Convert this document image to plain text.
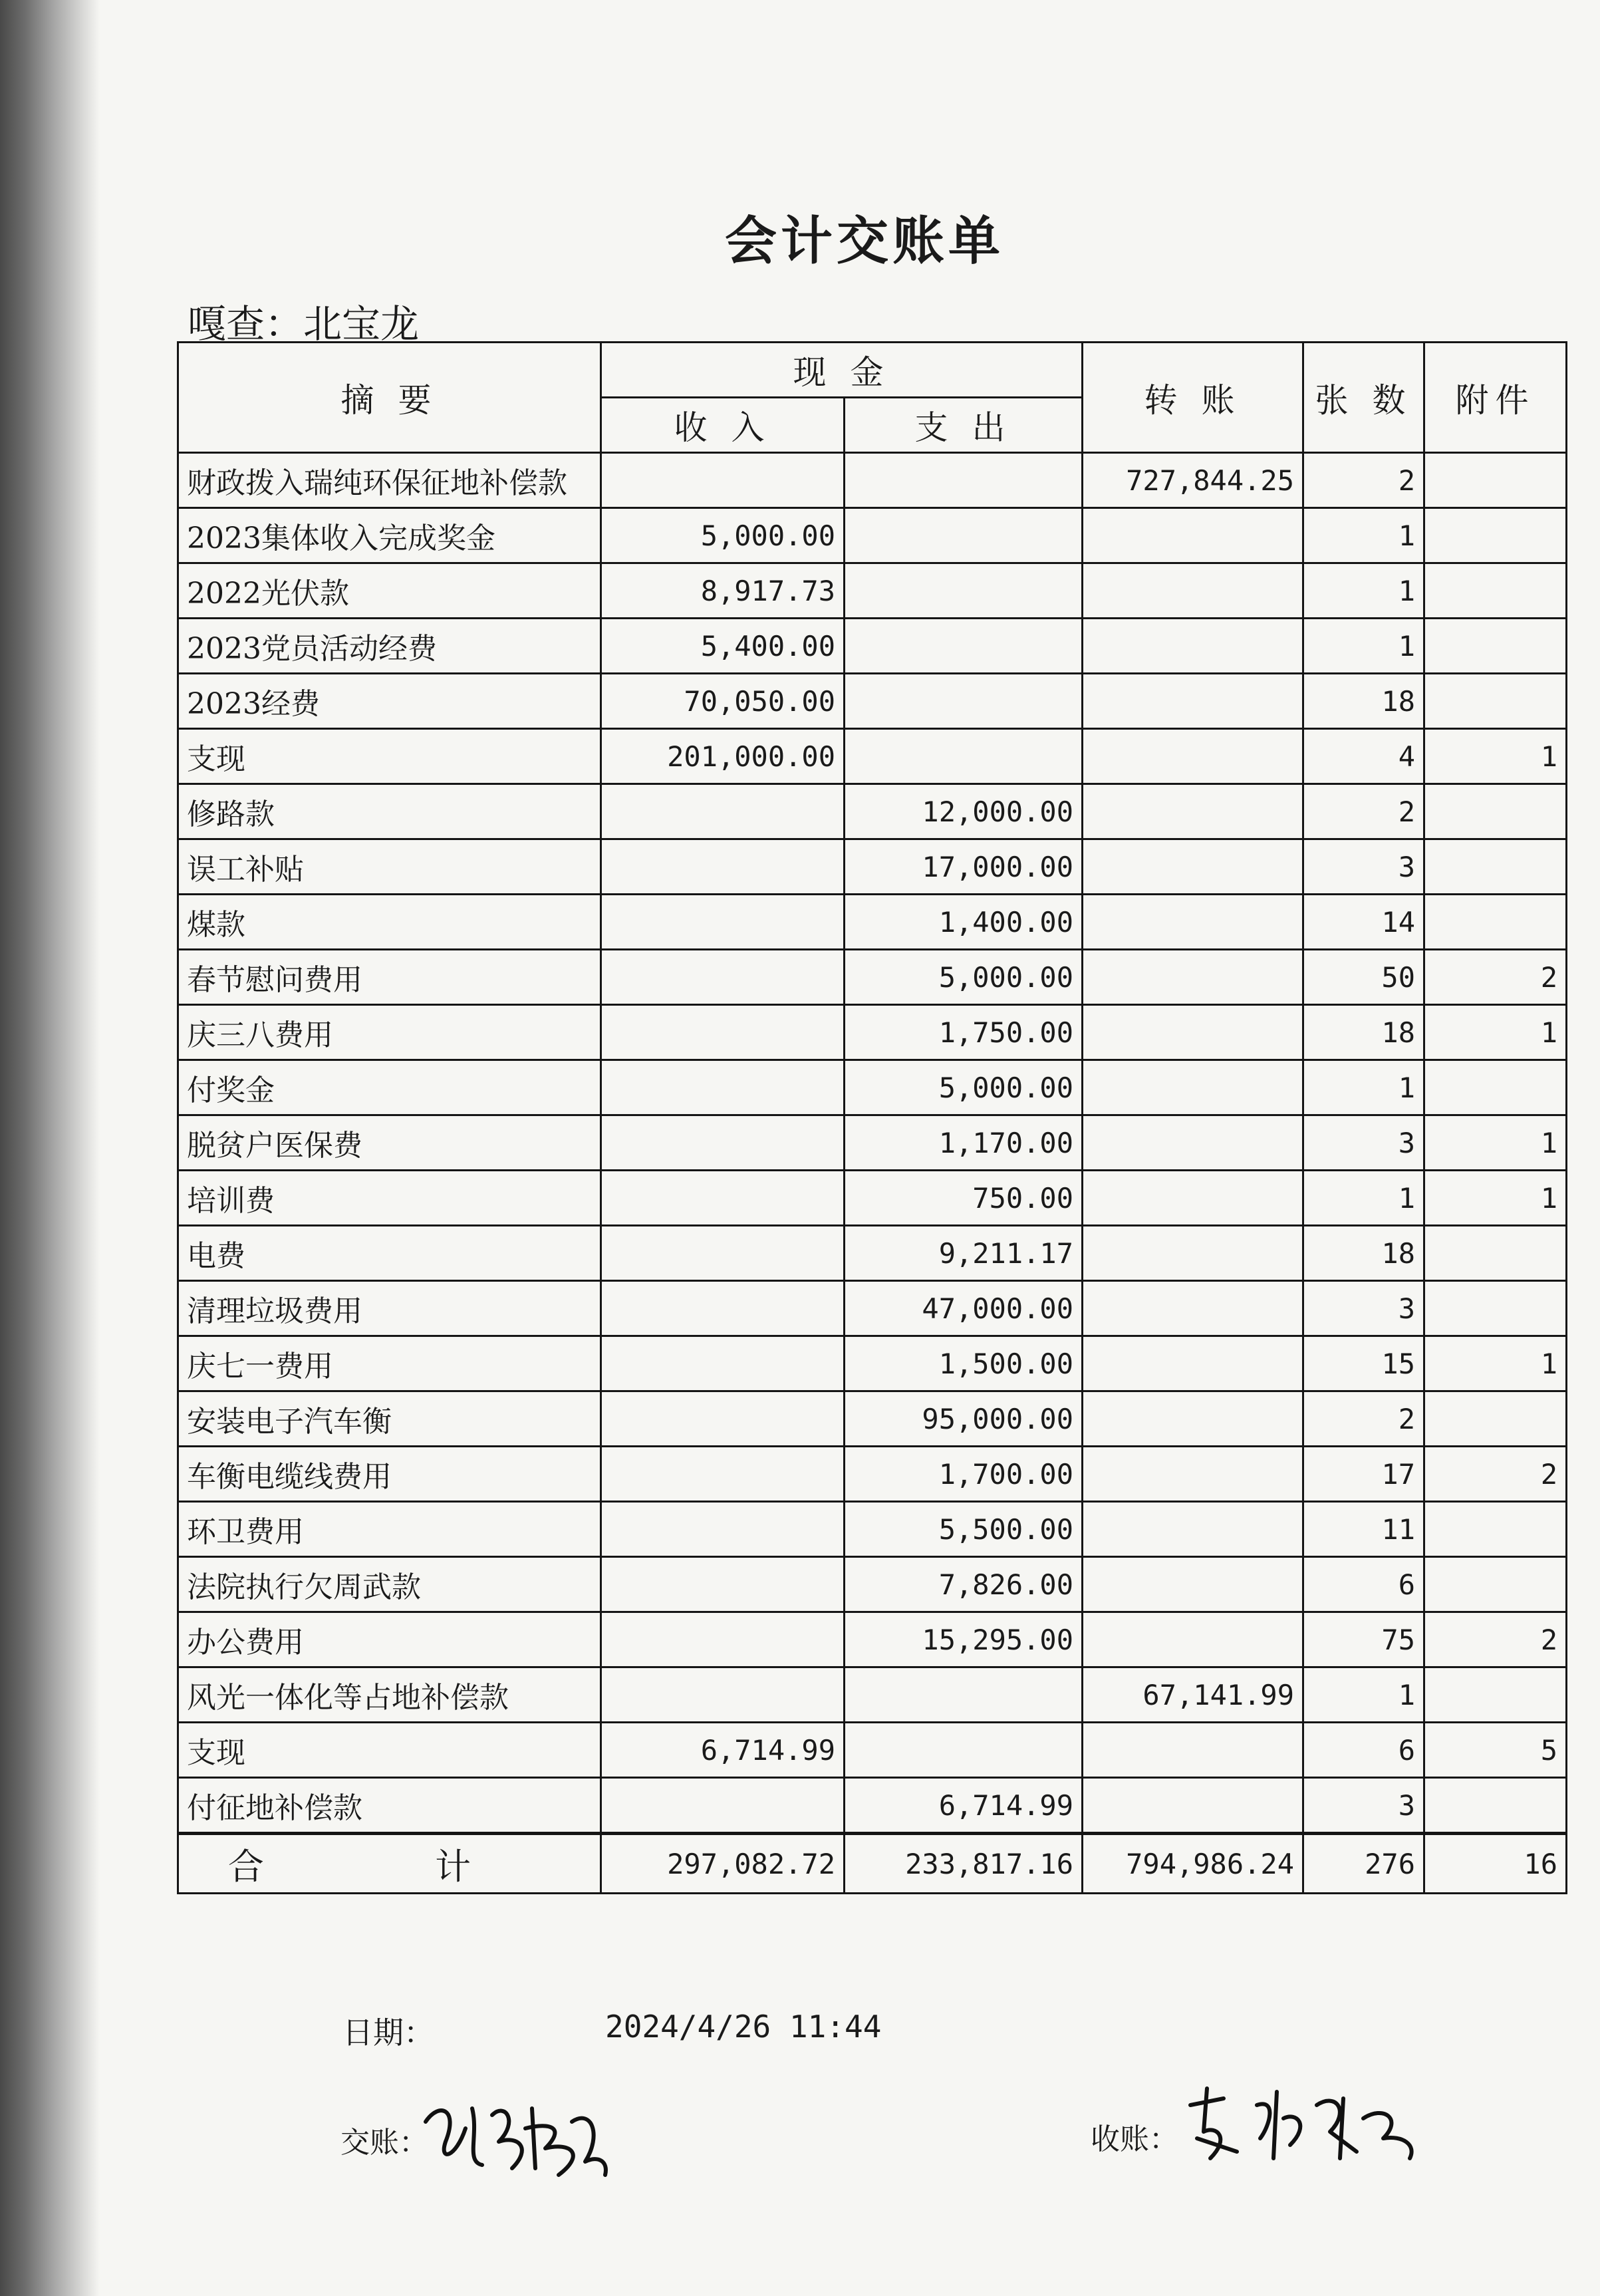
会计交账单
嘎查：北宝龙
摘 要	现 金		转 账	张 数	附件
	收 入	支 出			
财政拨入瑞纯环保征地补偿款			727,844.25	2	
2023集体收入完成奖金	5,000.00			1	
2022光伏款	8,917.73			1	
2023党员活动经费	5,400.00			1	
2023经费	70,050.00			18	
支现	201,000.00			4	1
修路款		12,000.00		2	
误工补贴		17,000.00		3	
煤款		1,400.00		14	
春节慰问费用		5,000.00		50	2
庆三八费用		1,750.00		18	1
付奖金		5,000.00		1	
脱贫户医保费		1,170.00		3	1
培训费		750.00		1	1
电费		9,211.17		18	
清理垃圾费用		47,000.00		3	
庆七一费用		1,500.00		15	1
安装电子汽车衡		95,000.00		2	
车衡电缆线费用		1,700.00		17	2
环卫费用		5,500.00		11	
法院执行欠周武款		7,826.00		6	
办公费用		15,295.00		75	2
风光一体化等占地补偿款			67,141.99	1	
支现	6,714.99			6	5
付征地补偿款		6,714.99		3	
合 计	297,082.72	233,817.16	794,986.24	276	16
日期：	2024/4/26 11:44
交账：	收账：
